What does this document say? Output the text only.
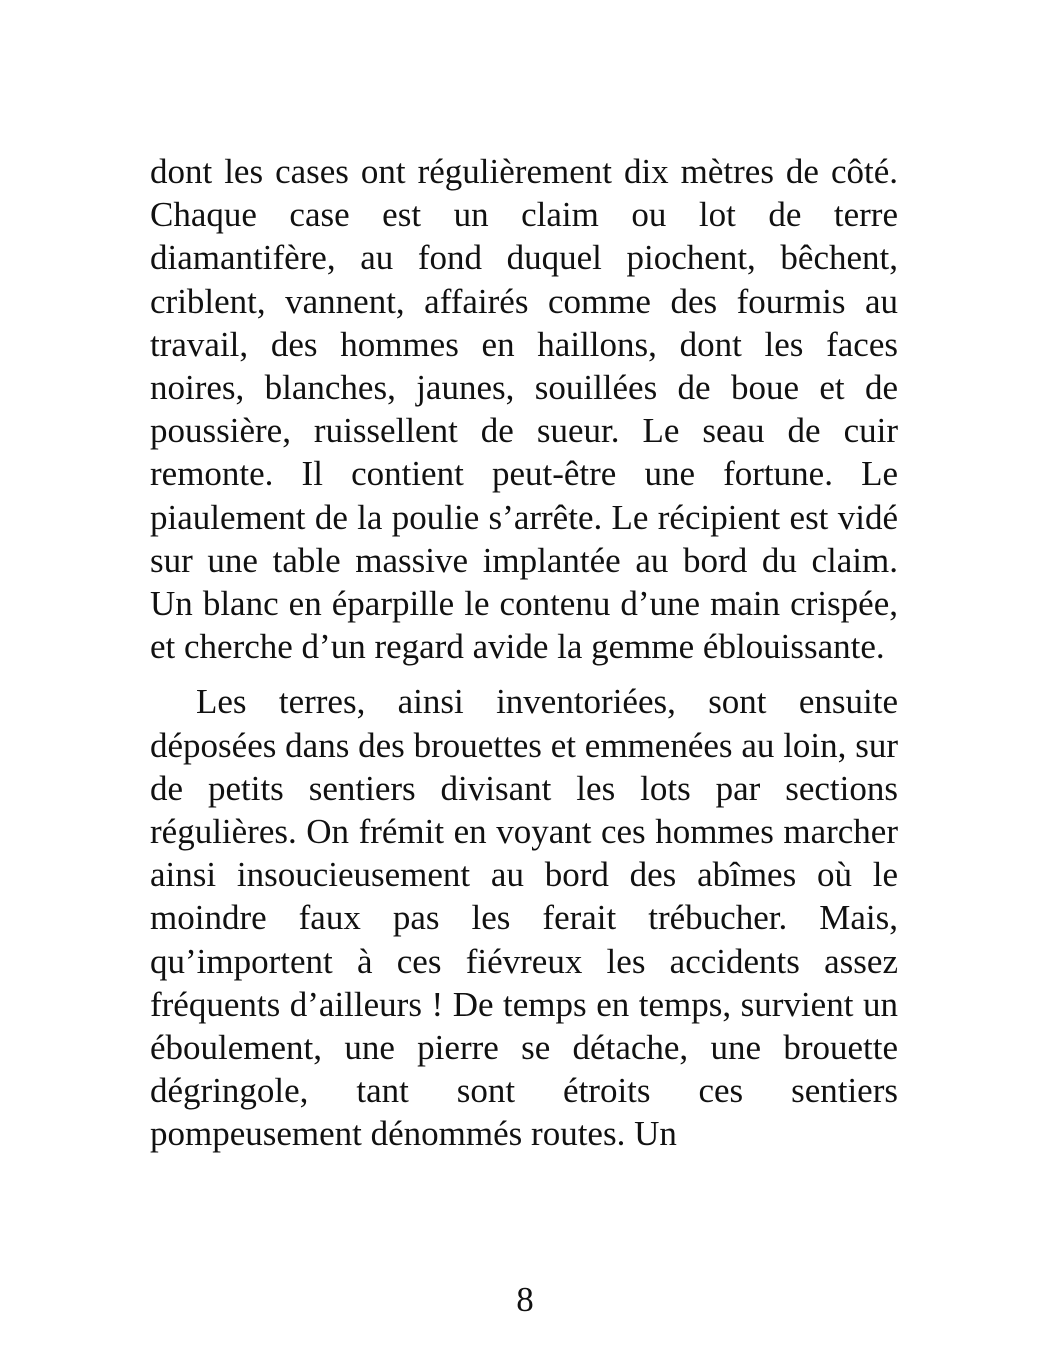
dont les cases ont régulièrement dix mètres de côté. Chaque case est un claim ou lot de terre diamantifère, au fond duquel piochent, bêchent, criblent, vannent, affairés comme des fourmis au travail, des hommes en haillons, dont les faces noires, blanches, jaunes, souillées de boue et de poussière, ruissellent de sueur. Le seau de cuir remonte. Il contient peut-être une fortune. Le piaulement de la poulie s’arrête. Le récipient est vidé sur une table massive implantée au bord du claim. Un blanc en éparpille le contenu d’une main crispée, et cherche d’un regard avide la gemme éblouissante.

Les terres, ainsi inventoriées, sont ensuite déposées dans des brouettes et emmenées au loin, sur de petits sentiers divisant les lots par sections régulières. On frémit en voyant ces hommes marcher ainsi insoucieusement au bord des abîmes où le moindre faux pas les ferait trébucher. Mais, qu’importent à ces fiévreux les accidents assez fréquents d’ailleurs ! De temps en temps, survient un éboulement, une pierre se détache, une brouette dégringole, tant sont étroits ces sentiers pompeusement dénommés routes. Un

8
